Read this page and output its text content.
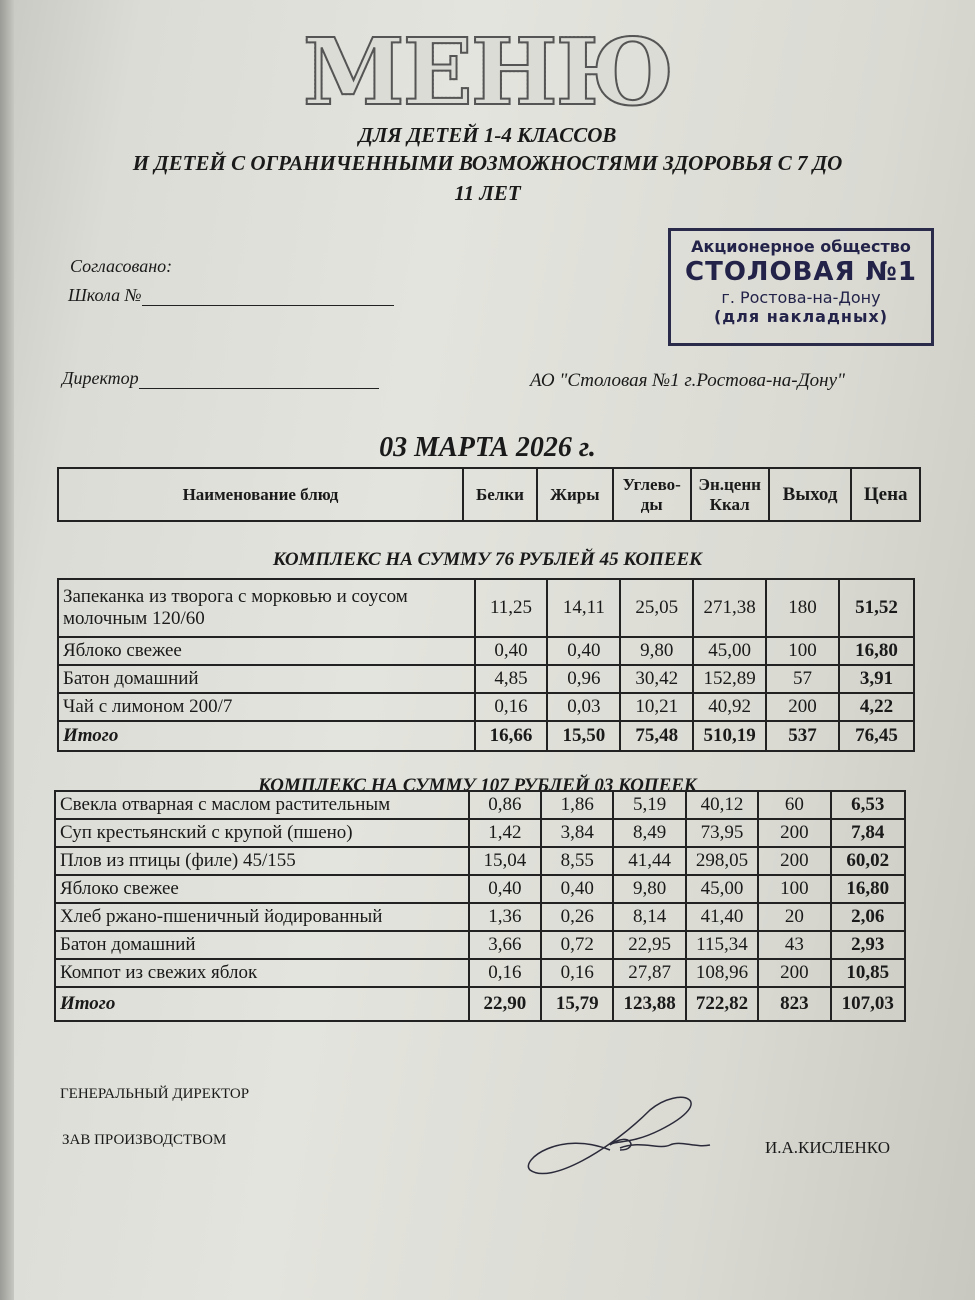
МЕНЮ
ДЛЯ ДЕТЕЙ 1-4 КЛАССОВ
И ДЕТЕЙ С ОГРАНИЧЕННЫМИ ВОЗМОЖНОСТЯМИ ЗДОРОВЬЯ С 7 ДО
11 ЛЕТ
Согласовано:
Школа №
Директор
Акционерное общество
СТОЛОВАЯ №1
г. Ростова-на-Дону
(для накладных)
АО "Столовая №1 г.Ростова-на-Дону"
03 МАРТА 2026 г.
Наименование блюд	Белки	Жиры	Углево-ды	Эн.ценн Ккал	Выход	Цена
КОМПЛЕКС НА СУММУ 76 РУБЛЕЙ 45 КОПЕЕК
Запеканка из творога с морковью и соусом молочным 120/60	11,25	14,11	25,05	271,38	180	51,52
Яблоко свежее	0,40	0,40	9,80	45,00	100	16,80
Батон домашний	4,85	0,96	30,42	152,89	57	3,91
Чай с лимоном 200/7	0,16	0,03	10,21	40,92	200	4,22
Итого	16,66	15,50	75,48	510,19	537	76,45
КОМПЛЕКС НА СУММУ 107 РУБЛЕЙ 03 КОПЕЕК
Свекла отварная с маслом растительным	0,86	1,86	5,19	40,12	60	6,53
Суп крестьянский с крупой (пшено)	1,42	3,84	8,49	73,95	200	7,84
Плов из птицы (филе) 45/155	15,04	8,55	41,44	298,05	200	60,02
Яблоко свежее	0,40	0,40	9,80	45,00	100	16,80
Хлеб ржано-пшеничный йодированный	1,36	0,26	8,14	41,40	20	2,06
Батон домашний	3,66	0,72	22,95	115,34	43	2,93
Компот из свежих яблок	0,16	0,16	27,87	108,96	200	10,85
Итого	22,90	15,79	123,88	722,82	823	107,03
ГЕНЕРАЛЬНЫЙ ДИРЕКТОР
ЗАВ ПРОИЗВОДСТВОМ	И.А.КИСЛЕНКО
